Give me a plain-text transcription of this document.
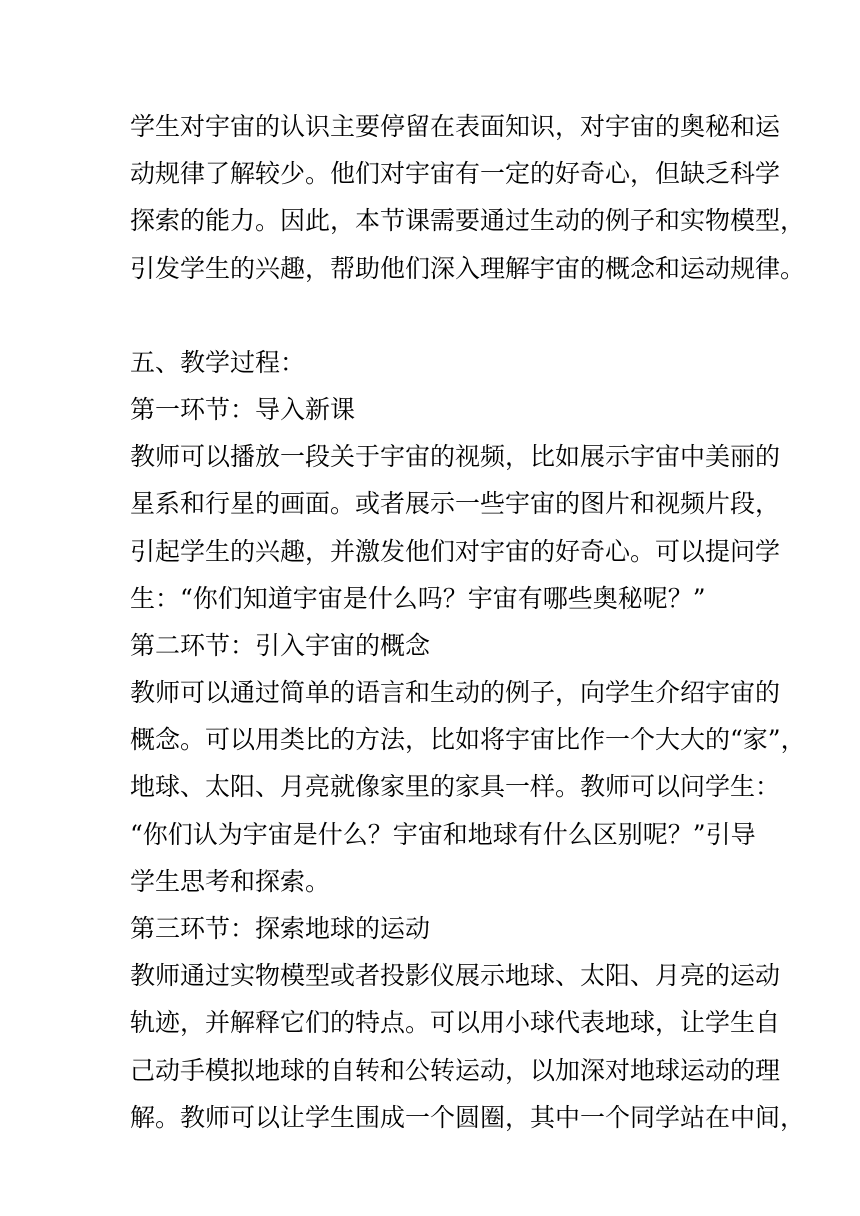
学生对宇宙的认识主要停留在表面知识，对宇宙的奥秘和运
动规律了解较少。他们对宇宙有一定的好奇心，但缺乏科学
探索的能力。因此，本节课需要通过生动的例子和实物模型，
引发学生的兴趣，帮助他们深入理解宇宙的概念和运动规律。
五、教学过程：
第一环节：导入新课
教师可以播放一段关于宇宙的视频，比如展示宇宙中美丽的
星系和行星的画面。或者展示一些宇宙的图片和视频片段，
引起学生的兴趣，并激发他们对宇宙的好奇心。可以提问学
生：“你们知道宇宙是什么吗？宇宙有哪些奥秘呢？”
第二环节：引入宇宙的概念
教师可以通过简单的语言和生动的例子，向学生介绍宇宙的
概念。可以用类比的方法，比如将宇宙比作一个大大的“家”，
地球、太阳、月亮就像家里的家具一样。教师可以问学生：
“你们认为宇宙是什么？宇宙和地球有什么区别呢？”引导
学生思考和探索。
第三环节：探索地球的运动
教师通过实物模型或者投影仪展示地球、太阳、月亮的运动
轨迹，并解释它们的特点。可以用小球代表地球，让学生自
己动手模拟地球的自转和公转运动，以加深对地球运动的理
解。教师可以让学生围成一个圆圈，其中一个同学站在中间，
